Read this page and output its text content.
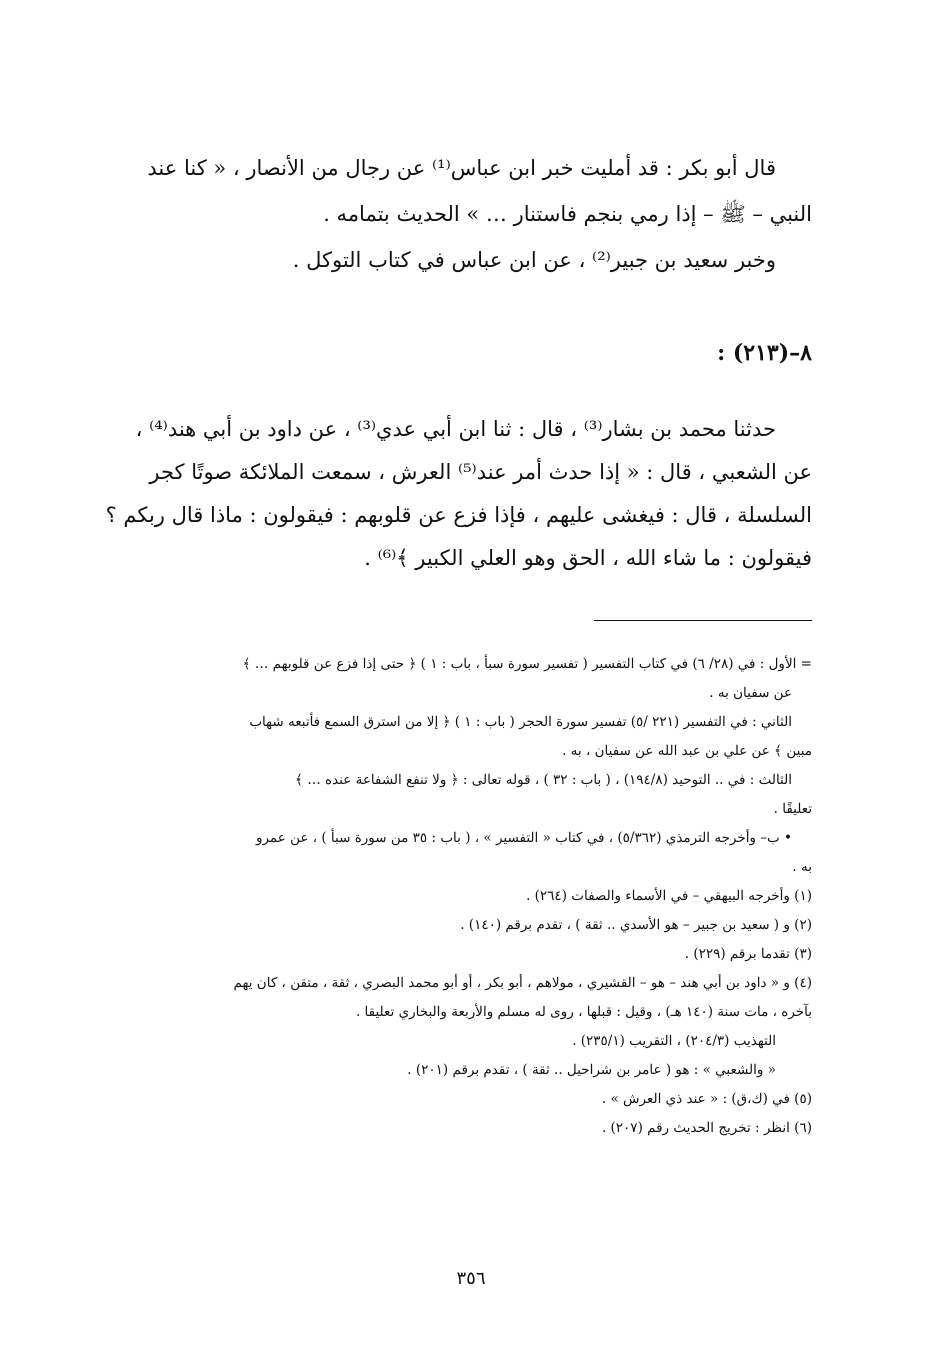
قال أبو بكر : قد أمليت خبر ابن عباس⁽¹⁾ عن رجال من الأنصار ، « كنا عند
النبي – ﷺ – إذا رمي بنجم فاستنار … » الحديث بتمامه .
وخبر سعيد بن جبير⁽²⁾ ، عن ابن عباس في كتاب التوكل .
٨–(٢١٣) :
حدثنا محمد بن بشار⁽³⁾ ، قال : ثنا ابن أبي عدي⁽³⁾ ، عن داود بن أبي هند⁽⁴⁾ ،
عن الشعبي ، قال : « إذا حدث أمر عند⁽⁵⁾ العرش ، سمعت الملائكة صوتًا كجر
السلسلة ، قال : فيغشى عليهم ، فإذا فزع عن قلوبهم : فيقولون : ماذا قال ربكم ؟
فيقولون : ما شاء الله ، الحق وهو العلي الكبير ﴾⁽⁶⁾ .
= الأول : في (٢٨/ ٦) في كتاب التفسير ( تفسير سورة سبأ ، باب : ١ ) ﴿ حتى إذا فزع عن قلوبهم … ﴾
عن سفيان به .
الثاني : في التفسير (٢٢١ /٥) تفسير سورة الحجر ( باب : ١ ) ﴿ إلا من استرق السمع فأتبعه شهاب
مبين ﴾ عن علي بن عبد الله عن سفيان ، به .
الثالث : في .. التوحيد (١٩٤/٨) ، ( باب : ٣٢ ) ، قوله تعالى : ﴿ ولا تنفع الشفاعة عنده … ﴾
تعليقًا .
• ب– وأخرجه الترمذي (٥/٣٦٢) ، في كتاب « التفسير » ، ( باب : ٣٥ من سورة سبأ ) ، عن عمرو
به .
(١) وأخرجه البيهقي – في الأسماء والصفات (٢٦٤) .
(٢) و ( سعيد بن جبير – هو الأسدي .. ثقة ) ، تقدم برقم (١٤٠) .
(٣) تقدما برقم (٢٢٩) .
(٤) و « داود بن أبي هند – هو – القشيري ، مولاهم ، أبو بكر ، أو أبو محمد البصري ، ثقة ، متقن ، كان يهم
بآخره ، مات سنة (١٤٠ هـ) ، وقيل : قبلها ، روى له مسلم والأربعة والبخاري تعليقا .
التهذيب (٢٠٤/٣) ، التقريب (٢٣٥/١) .
« والشعبي » : هو ( عامر بن شراحيل .. ثقة ) ، تقدم برقم (٢٠١) .
(٥) في (ك،ق) : « عند ذي العرش » .
(٦) انظر : تخريج الحديث رقم (٢٠٧) .
٣٥٦
